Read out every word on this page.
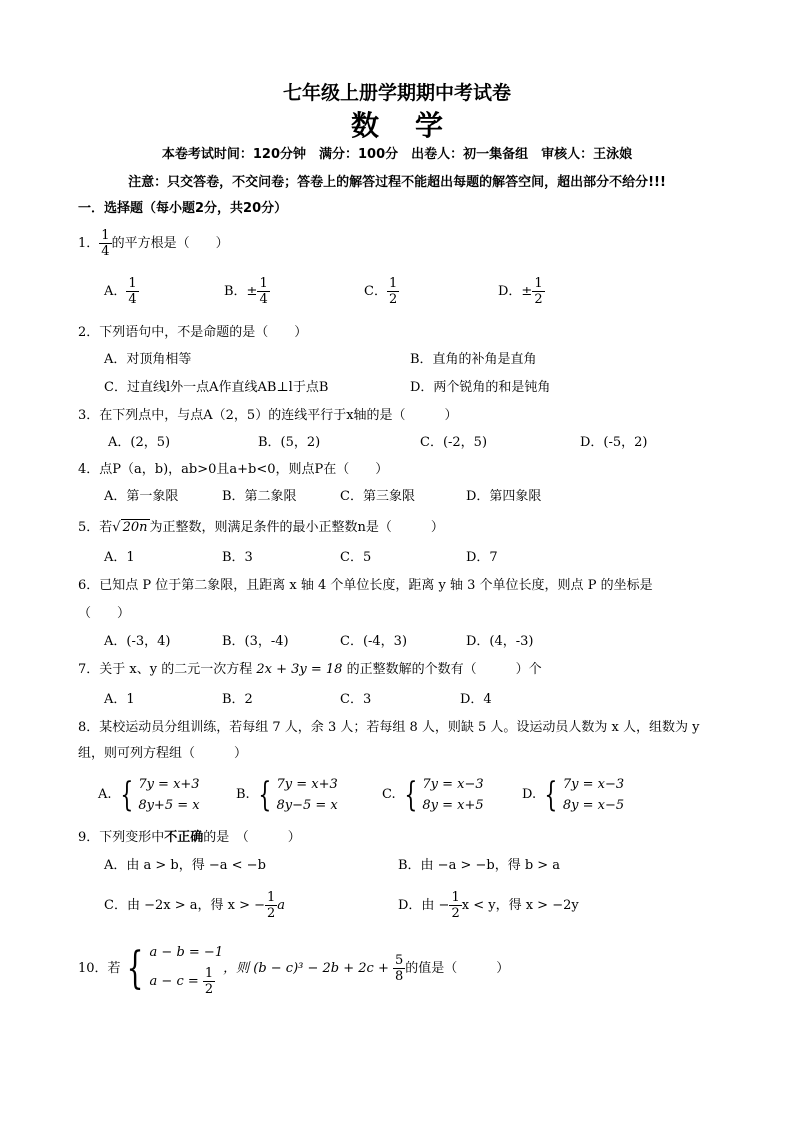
七年级上册学期期中考试卷
数学
本卷考试时间：120分钟　满分：100分　出卷人：初一集备组　审核人：王泳娘
注意：只交答卷，不交问卷；答卷上的解答过程不能超出每题的解答空间，超出部分不给分!!!
一．选择题（每小题2分，共20分）
1． $\frac{1}{4}$ 的平方根是（　　）
A． $\frac{1}{4}$	B．± $\frac{1}{4}$	C． $\frac{1}{2}$	D．± $\frac{1}{2}$
2．下列语句中，不是命题的是（　　）
A．对顶角相等	B．直角的补角是直角
C．过直线l外一点A作直线AB⊥l于点B	D．两个锐角的和是钝角
3．在下列点中，与点A（2，5）的连线平行于x轴的是（　　　）
A．(2，5)	B．(5，2)	C．(-2，5)	D．(-5，2)
4．点P（a，b)，ab>0且a+b<0，则点P在（　　）
A．第一象限	B．第二象限	C．第三象限	D．第四象限
5．若√ 20n 为正整数，则满足条件的最小正整数n是（　　　）
A．1	B．3	C．5	D．7
6．已知点 P 位于第二象限，且距离 x 轴 4 个单位长度，距离 y 轴 3 个单位长度，则点 P 的坐标是
（　　）
A．(-3，4)	B．(3，-4)	C．(-4，3)	D．(4，-3)
7．关于 x、y 的二元一次方程 2x + 3y = 18 的正整数解的个数有（　　　）个
A．1	B．2	C．3	D．4
8．某校运动员分组训练，若每组 7 人，余 3 人；若每组 8 人，则缺 5 人。设运动员人数为 x 人，组数为 y
组，则可列方程组（　　　）
A. { 7y = x+3
8y+5 = x
B. { 7y = x+3
8y−5 = x
C. { 7y = x−3
8y = x+5
D. { 7y = x−3
8y = x−5
9．下列变形中不正确的是　（　　　）
A．由 a > b，得 −a < −b	B．由 −a > −b，得 b > a
C．由 −2x > a，得 x > − $\frac{1}{2}$ a	D．由 − $\frac{1}{2}$ x < y，得 x > −2y
10．若 { a − b = −1
$a - c = \frac{1}{2}$ ，则 $(b - c)^3 - 2b + 2c + \frac{5}{8}$ 的值是（　　　）
